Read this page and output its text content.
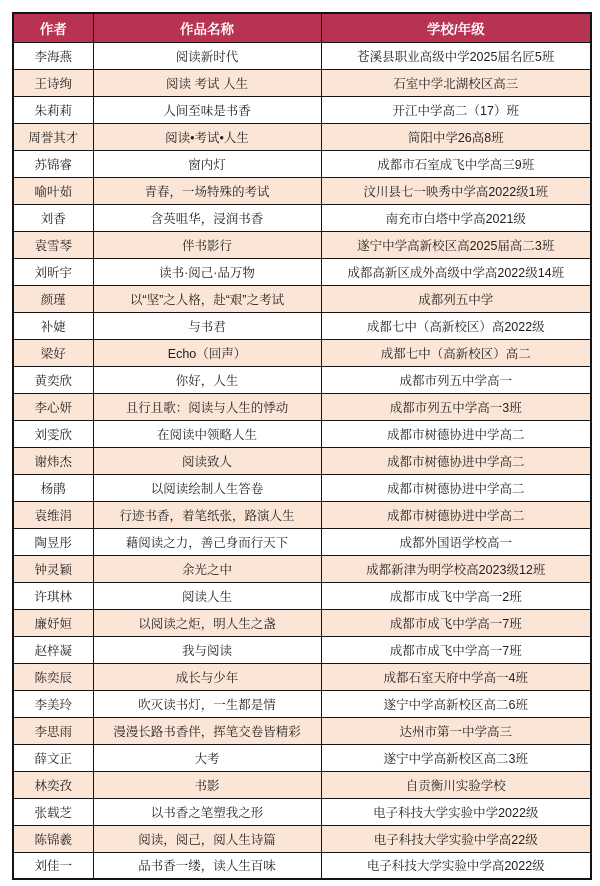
作者	作品名称	学校/年级
李海燕	阅读新时代	苍溪县职业高级中学2025届名匠5班
王诗绚	阅读 考试 人生	石室中学北湖校区高三
朱莉莉	人间至味是书香	开江中学高二（17）班
周誉其才	阅读•考试•人生	简阳中学26高8班
苏锦睿	窗内灯	成都市石室成飞中学高三9班
喻叶茹	青春，一场特殊的考试	汶川县七一映秀中学高2022级1班
刘香	含英咀华，浸润书香	南充市白塔中学高2021级
袁雪琴	伴书影行	遂宁中学高新校区高2025届高二3班
刘昕宇	读书·阅己·品万物	成都高新区成外高级中学高2022级14班
颜瑾	以“坚”之人格，赴“艰”之考试	成都列五中学
补婕	与书君	成都七中（高新校区）高2022级
梁好	Echo（回声）	成都七中（高新校区）高二
黄奕欣	你好，人生	成都市列五中学高一
李心妍	且行且歌：阅读与人生的悸动	成都市列五中学高一3班
刘雯欣	在阅读中领略人生	成都市树德协进中学高二
谢炜杰	阅读致人	成都市树德协进中学高二
杨鹃	以阅读绘制人生答卷	成都市树德协进中学高二
袁维涓	行迹书香，着笔纸张，路演人生	成都市树德协进中学高二
陶昱彤	藉阅读之力，善己身而行天下	成都外国语学校高一
钟灵颖	余光之中	成都新津为明学校高2023级12班
许琪林	阅读人生	成都市成飞中学高一2班
廉妤姮	以阅读之炬，明人生之盏	成都市成飞中学高一7班
赵梓凝	我与阅读	成都市成飞中学高一7班
陈奕辰	成长与少年	成都石室天府中学高一4班
李美玲	吹灭读书灯，一生都是情	遂宁中学高新校区高二6班
李思雨	漫漫长路书香伴，挥笔交卷皆精彩	达州市第一中学高三
薛文正	大考	遂宁中学高新校区高二3班
林奕孜	书影	自贡衡川实验学校
张载芝	以书香之笔塑我之形	电子科技大学实验中学2022级
陈锦羲	阅读，阅己，阅人生诗篇	电子科技大学实验中学高22级
刘佳一	品书香一缕，读人生百味	电子科技大学实验中学高2022级
